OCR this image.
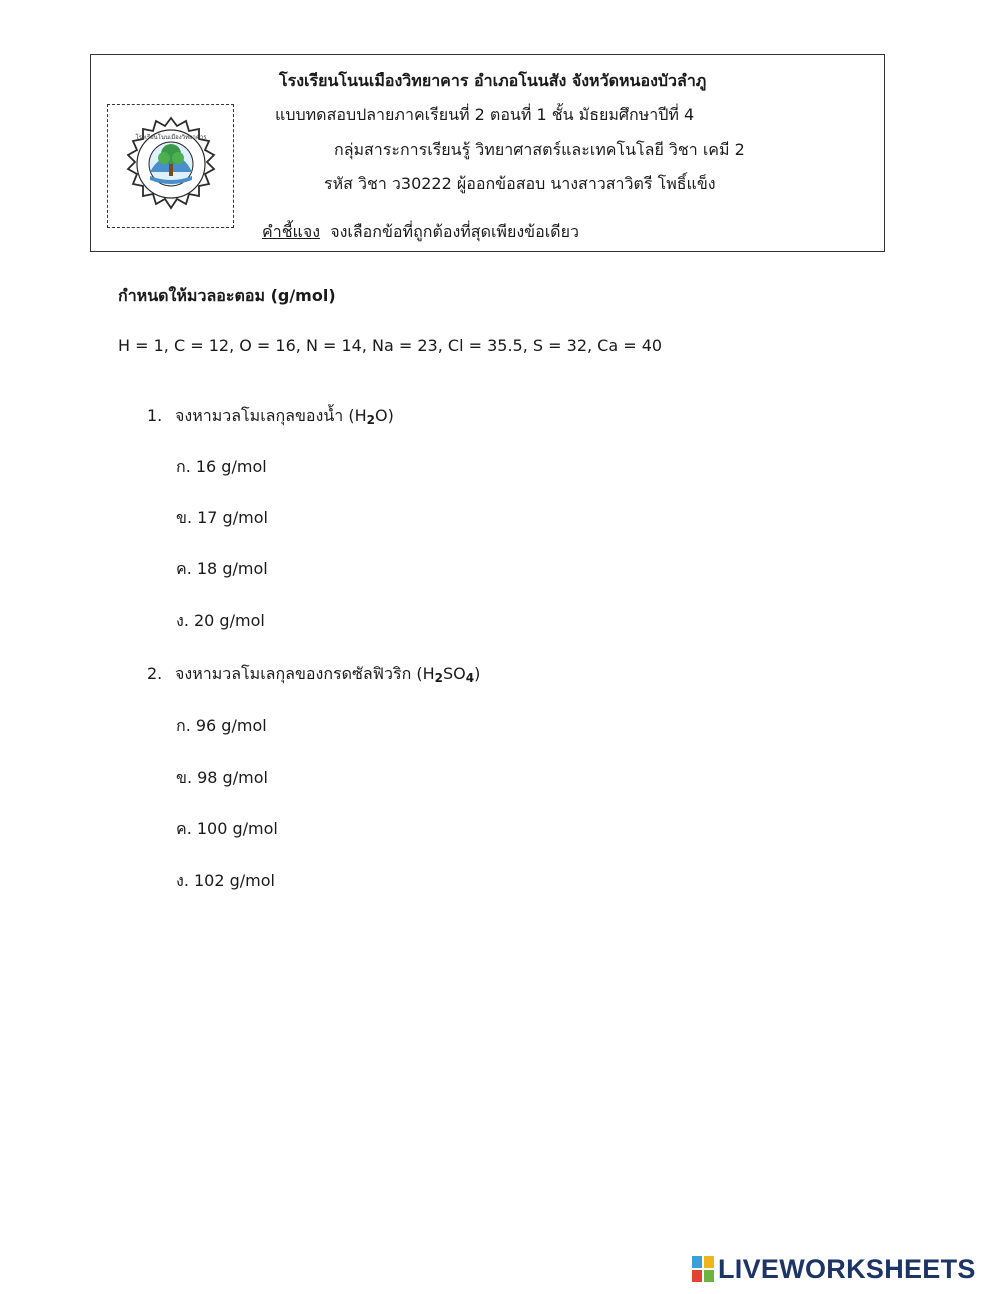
โรงเรียนโนนเมืองวิทยาคาร
โรงเรียนโนนเมืองวิทยาคาร อำเภอโนนสัง จังหวัดหนองบัวลำภู
แบบทดสอบปลายภาคเรียนที่ 2 ตอนที่ 1 ชั้น มัธยมศึกษาปีที่ 4
กลุ่มสาระการเรียนรู้ วิทยาศาสตร์และเทคโนโลยี วิชา เคมี 2
รหัส วิชา ว30222 ผู้ออกข้อสอบ นางสาวสาวิตรี โพธิ์แข็ง
คำชี้แจง จงเลือกข้อที่ถูกต้องที่สุดเพียงข้อเดียว
กำหนดให้มวลอะตอม (g/mol)
H = 1, C = 12, O = 16, N = 14, Na = 23, Cl = 35.5, S = 32, Ca = 40
1. จงหามวลโมเลกุลของน้ำ $(H_2O)$
ก. 16 g/mol
ข. 17 g/mol
ค. 18 g/mol
ง. 20 g/mol
2. จงหามวลโมเลกุลของกรดซัลฟิวริก $(H_2SO_4)$
ก. 96 g/mol
ข. 98 g/mol
ค. 100 g/mol
ง. 102 g/mol
LIVEWORKSHEETS
